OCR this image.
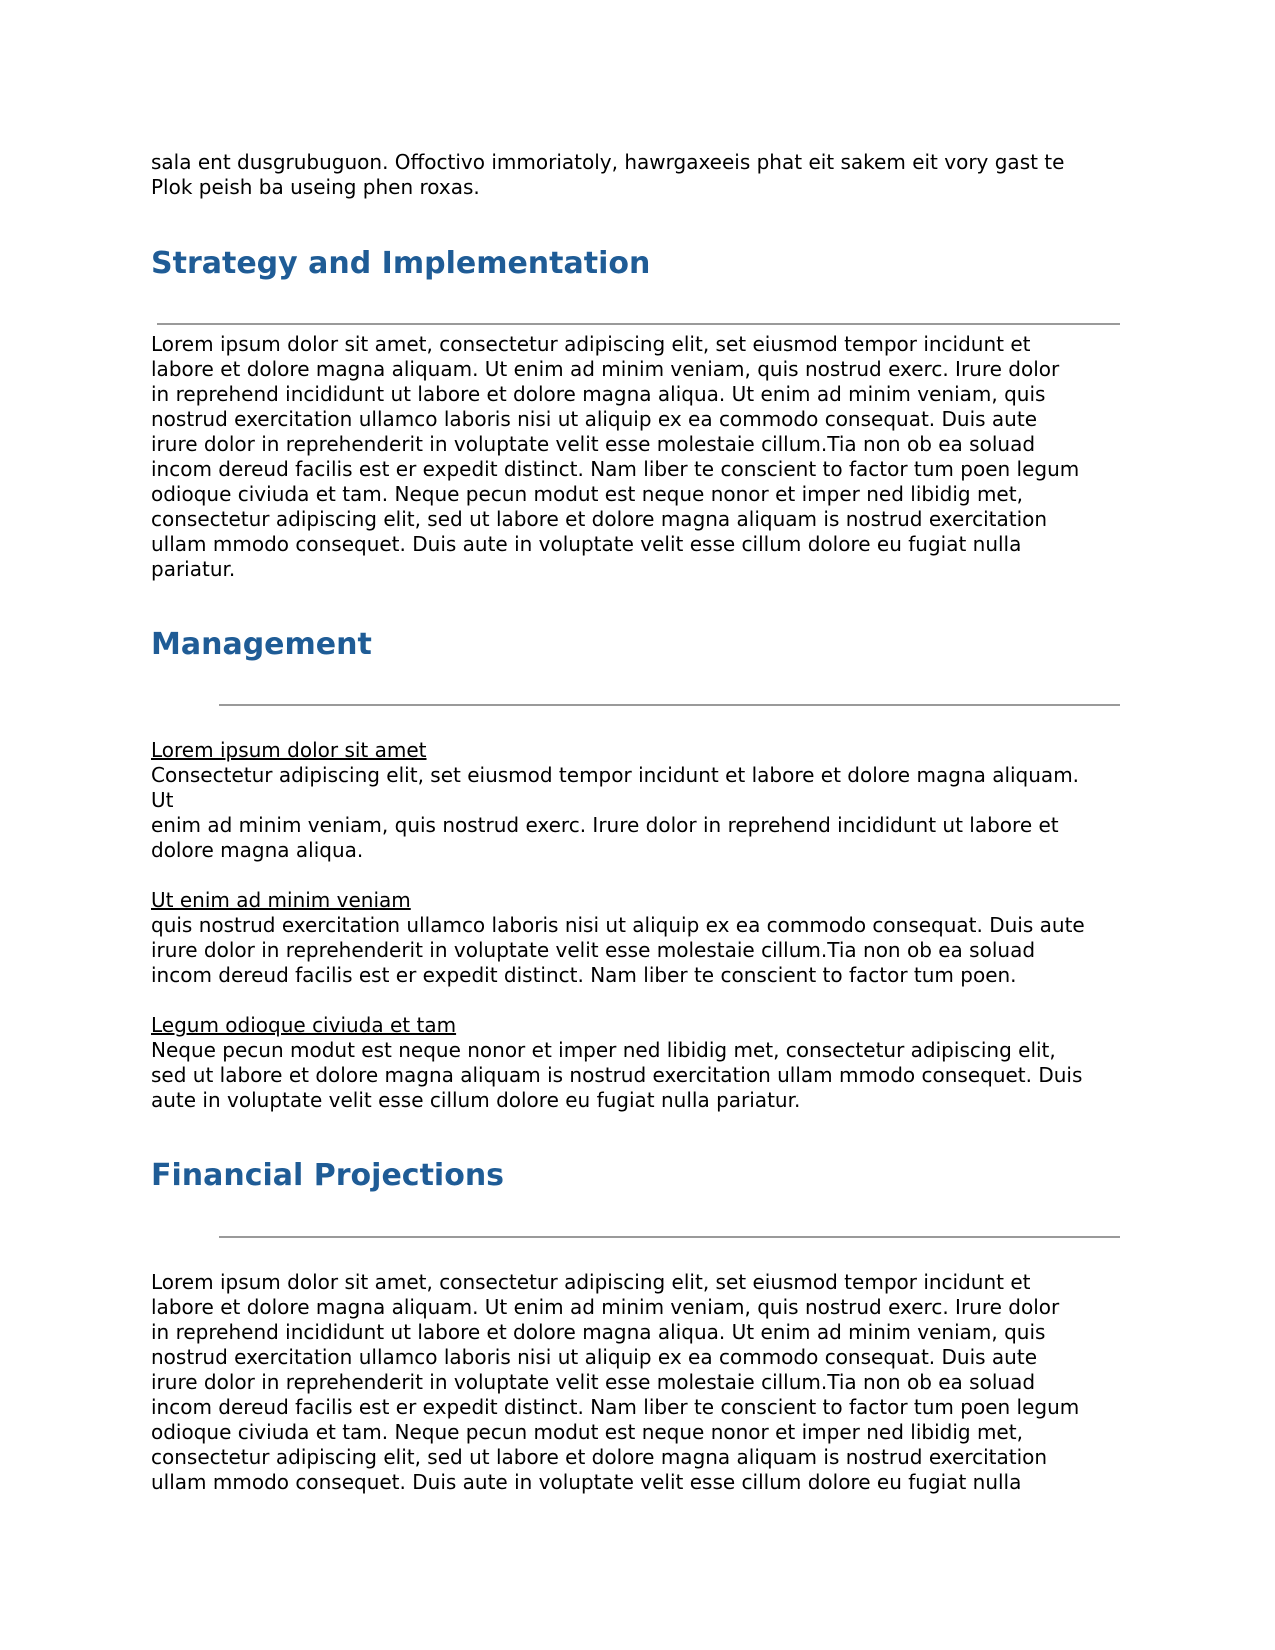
sala ent dusgrubuguon. Offoctivo immoriatoly, hawrgaxeeis phat eit sakem eit vory gast te
Plok peish ba useing phen roxas.
Strategy and Implementation
Lorem ipsum dolor sit amet, consectetur adipiscing elit, set eiusmod tempor incidunt et
labore et dolore magna aliquam. Ut enim ad minim veniam, quis nostrud exerc. Irure dolor
in reprehend incididunt ut labore et dolore magna aliqua. Ut enim ad minim veniam, quis
nostrud exercitation ullamco laboris nisi ut aliquip ex ea commodo consequat. Duis aute
irure dolor in reprehenderit in voluptate velit esse molestaie cillum.Tia non ob ea soluad
incom dereud facilis est er expedit distinct. Nam liber te conscient to factor tum poen legum
odioque civiuda et tam. Neque pecun modut est neque nonor et imper ned libidig met,
consectetur adipiscing elit, sed ut labore et dolore magna aliquam is nostrud exercitation
ullam mmodo consequet. Duis aute in voluptate velit esse cillum dolore eu fugiat nulla
pariatur.
Management
Lorem ipsum dolor sit amet
Consectetur adipiscing elit, set eiusmod tempor incidunt et labore et dolore magna aliquam.
Ut
enim ad minim veniam, quis nostrud exerc. Irure dolor in reprehend incididunt ut labore et
dolore magna aliqua.
Ut enim ad minim veniam
quis nostrud exercitation ullamco laboris nisi ut aliquip ex ea commodo consequat. Duis aute
irure dolor in reprehenderit in voluptate velit esse molestaie cillum.Tia non ob ea soluad
incom dereud facilis est er expedit distinct. Nam liber te conscient to factor tum poen.
Legum odioque civiuda et tam
Neque pecun modut est neque nonor et imper ned libidig met, consectetur adipiscing elit,
sed ut labore et dolore magna aliquam is nostrud exercitation ullam mmodo consequet. Duis
aute in voluptate velit esse cillum dolore eu fugiat nulla pariatur.
Financial Projections
Lorem ipsum dolor sit amet, consectetur adipiscing elit, set eiusmod tempor incidunt et
labore et dolore magna aliquam. Ut enim ad minim veniam, quis nostrud exerc. Irure dolor
in reprehend incididunt ut labore et dolore magna aliqua. Ut enim ad minim veniam, quis
nostrud exercitation ullamco laboris nisi ut aliquip ex ea commodo consequat. Duis aute
irure dolor in reprehenderit in voluptate velit esse molestaie cillum.Tia non ob ea soluad
incom dereud facilis est er expedit distinct. Nam liber te conscient to factor tum poen legum
odioque civiuda et tam. Neque pecun modut est neque nonor et imper ned libidig met,
consectetur adipiscing elit, sed ut labore et dolore magna aliquam is nostrud exercitation
ullam mmodo consequet. Duis aute in voluptate velit esse cillum dolore eu fugiat nulla
